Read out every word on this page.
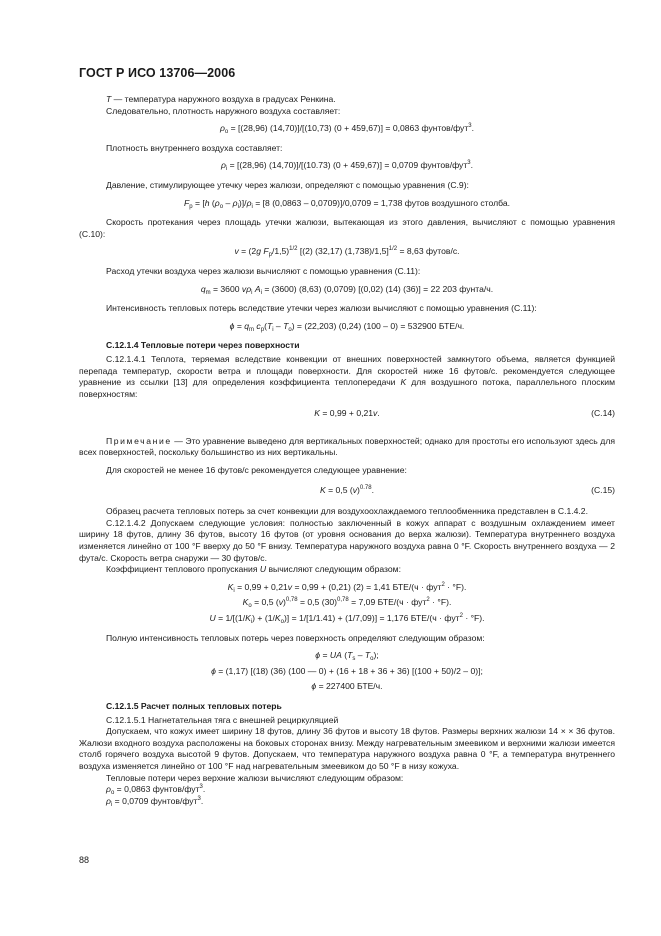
ГОСТ Р ИСО 13706—2006

T — температура наружного воздуха в градусах Ренкина.

Следовательно, плотность наружного воздуха составляет:

$\rho_o = [(28,96)$ (14,70)]/[(10,73) (0 + 459,67)] = 0,0863 фунтов/фут$^3$.

Плотность внутреннего воздуха составляет:

$\rho_i = [(28,96)$ (14,70)]/[(10.73) (0 + 459,67)] = 0,0709 фунтов/фут$^3$.

Давление, стимулирующее утечку через жалюзи, определяют с помощью уравнения (С.9):

$F_p = [h$ $(\rho_o - \rho_i)]/\rho_i = [8$ (0,0863 – 0,0709)]/0,0709 = 1,738 футов воздушного столба.

Скорость протекания через площадь утечки жалюзи, вытекающая из этого давления, вычисляют с помощью уравнения (С.10):

v = (2g $F_p/1,5)^{1/2}$ [(2) (32,17) (1,738)/1,5]$^{1/2}$ = 8,63 футов/с.

Расход утечки воздуха через жалюзи вычисляют с помощью уравнения (С.11):

$q_m = 3600$ $v\rho_i$ $A_i = (3600)$ (8,63) (0,0709) [(0,02) (14) (36)] = 22 203 фунта/ч.

Интенсивность тепловых потерь вследствие утечки через жалюзи вычисляют с помощью уравнения (С.11):

$\phi = q_m$ $c_p(T_i - T_o) = (22,203)$ (0,24) (100 – 0) = 532900 БТЕ/ч.

C.12.1.4 Тепловые потери через поверхности

С.12.1.4.1 Теплота, теряемая вследствие конвекции от внешних поверхностей замкнутого объема, является функцией перепада температур, скорости ветра и площади поверхности. Для скоростей ниже 16 футов/с. рекомендуется следующее уравнение из ссылки [13] для определения коэффициента теплопередачи K для воздушного потока, параллельного плоским поверхностям:

K = 0,99 + 0,21v.	(С.14)

Примечание — Это уравнение выведено для вертикальных поверхностей; однако для простоты его используют здесь для всех поверхностей, поскольку большинство из них вертикальны.

Для скоростей не менее 16 футов/с рекомендуется следующее уравнение:

K = 0,5 $(v)^{0.78}$.	(С.15)

Образец расчета тепловых потерь за счет конвекции для воздухоохлаждаемого теплообменника представлен в С.1.4.2.

С.12.1.4.2 Допускаем следующие условия: полностью заключенный в кожух аппарат с воздушным охлаждением имеет ширину 18 футов, длину 36 футов, высоту 16 футов (от уровня основания до верха жалюзи). Температура внутреннего воздуха изменяется линейно от 100 °F вверху до 50 °F внизу. Температура наружного воздуха равна 0 °F. Скорость внутреннего воздуха — 2 фута/с. Скорость ветра снаружи — 30 футов/с.

Коэффициент теплового пропускания U вычисляют следующим образом:

$K_i = 0,99 + 0,21v = 0,99 + (0,21) (2) = 1,41$ БТЕ/(ч · фут$^2$ · °F).
$K_o = 0,5$ $(v)^{0,78} = 0,5$ $(30)^{0,78} = 7,09$ БТЕ/(ч · фут$^2$ · °F).
$U = 1/[(1/K_i) + (1/K_o)] = 1/[1/1.41) + (1/7,09)] = 1,176$ БТЕ/(ч · фут$^2$ · °F).

Полную интенсивность тепловых потерь через поверхность определяют следующим образом:

ϕ = UA $(T_s - T_o)$;
ϕ = (1,17) [(18) (36) (100 — 0) + (16 + 18 + 36 + 36) [(100 + 50)/2 – 0)];
ϕ = 227400 БТЕ/ч.

С.12.1.5 Расчет полных тепловых потерь

С.12.1.5.1 Нагнетательная тяга с внешней рециркуляцией

Допускаем, что кожух имеет ширину 18 футов, длину 36 футов и высоту 18 футов. Размеры верхних жалюзи 14 × × 36 футов. Жалюзи входного воздуха расположены на боковых сторонах внизу. Между нагревательным змеевиком и верхними жалюзи имеется столб горячего воздуха высотой 9 футов. Допускаем, что температура наружного воздуха равна 0 °F, а температура внутреннего воздуха изменяется линейно от 100 °F над нагревательным змеевиком до 50 °F в низу кожуха.

Тепловые потери через верхние жалюзи вычисляют следующим образом:

$\rho_o = 0,0863$ фунтов/фут$^3$.

$\rho_i = 0,0709$ фунтов/фут$^3$.

88
